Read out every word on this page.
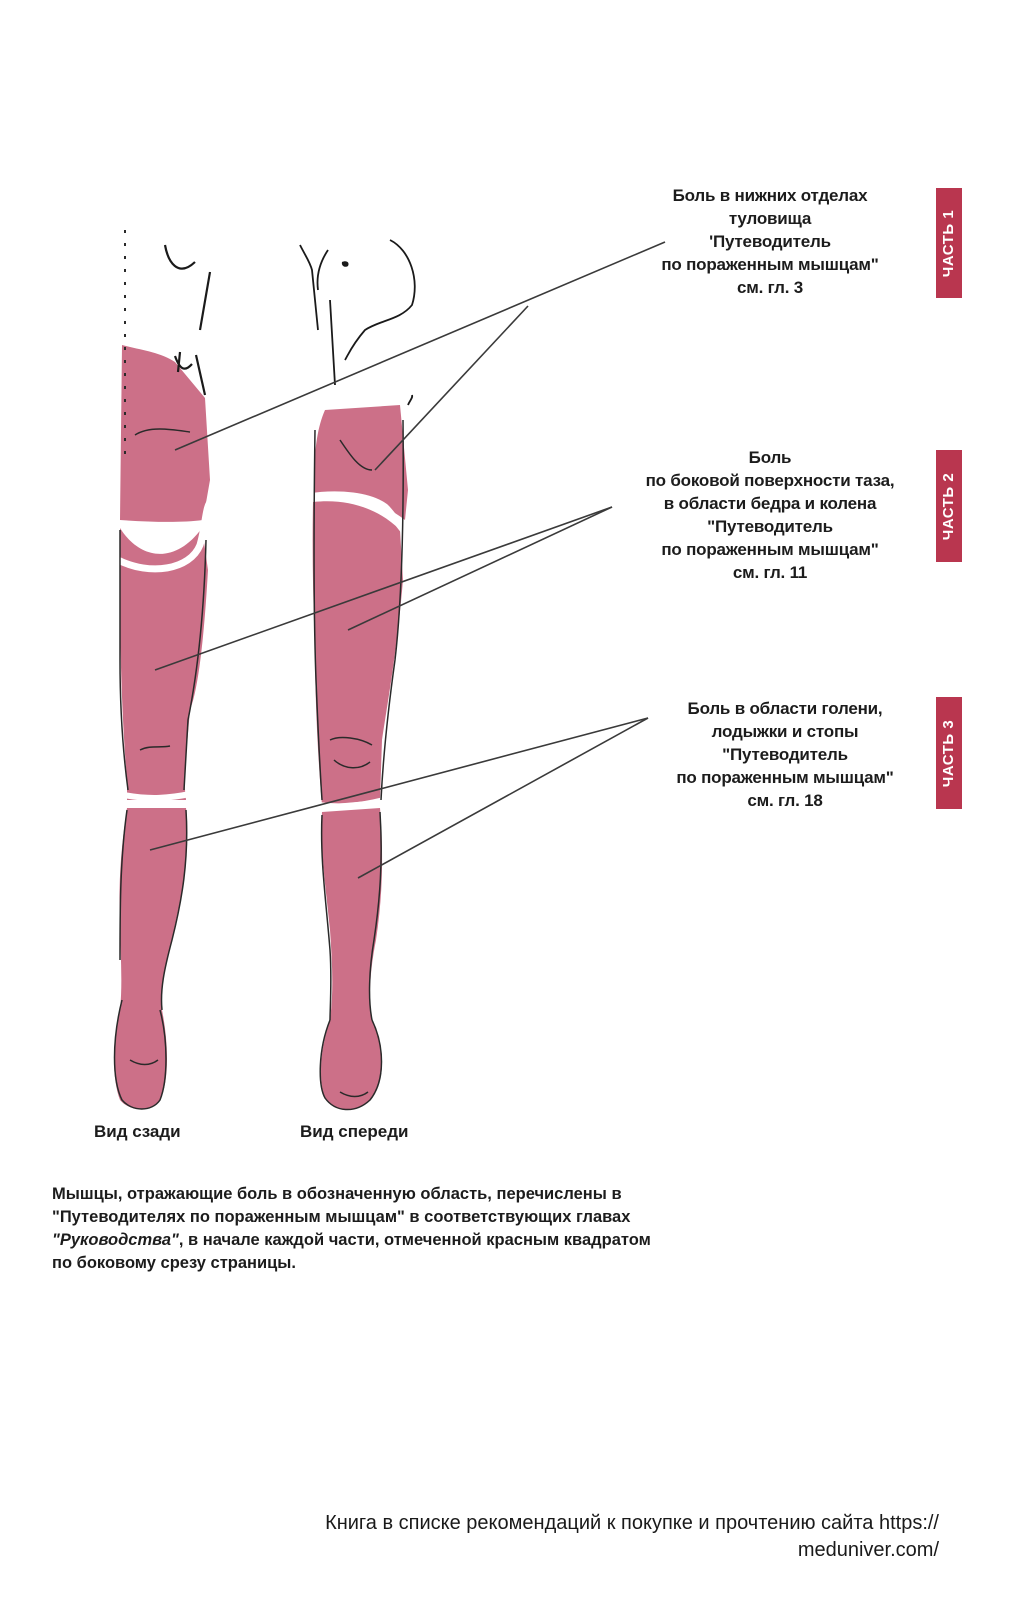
Боль в нижних отделах
туловища
'Путеводитель
по пораженным мышцам"
см. гл. 3
Боль
по боковой поверхности таза,
в области бедра и колена
"Путеводитель
по пораженным мышцам"
см. гл. 11
Боль в области голени,
лодыжки и стопы
"Путеводитель
по пораженным мышцам"
см. гл. 18
ЧАСТЬ 1
ЧАСТЬ 2
ЧАСТЬ 3
Вид сзади	Вид спереди
Мышцы, отражающие боль в обозначенную область, перечислены в "Путеводителях по пораженным мышцам" в соответствующих главах "Руководства", в начале каждой части, отмеченной красным квадратом по боковому срезу страницы.
Книга в списке рекомендаций к покупке и прочтению сайта https://
meduniver.com/
